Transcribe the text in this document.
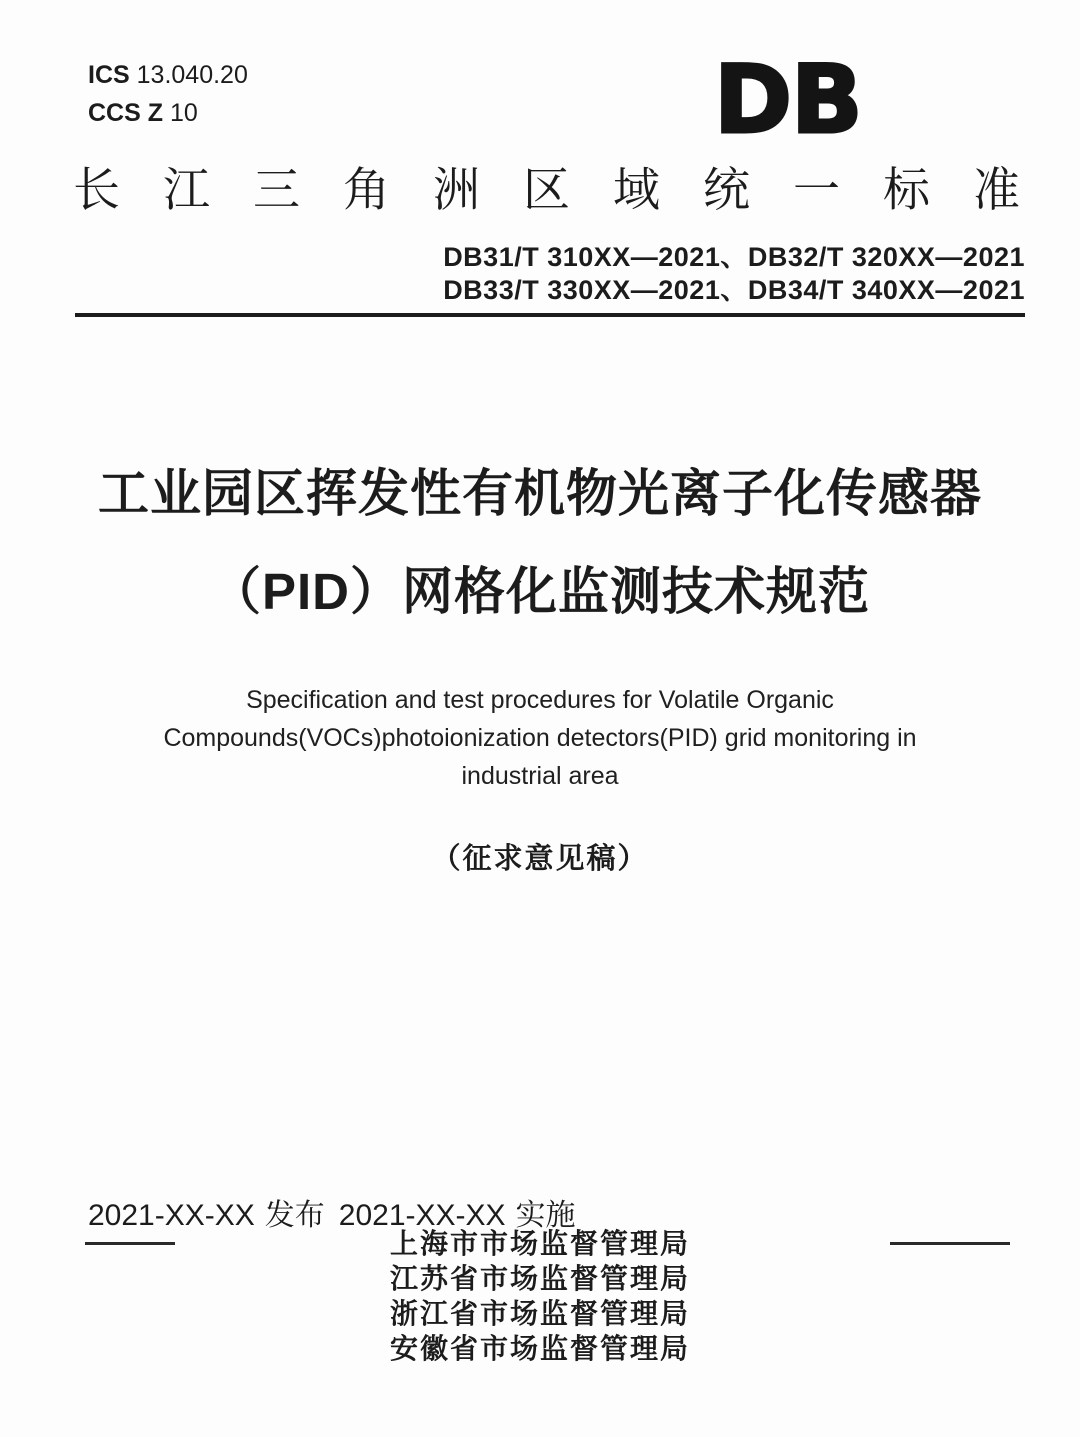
ICS 13.040.20
CCS Z 10	DB
长江三角洲区域统一标准
DB31/T 310XX—2021、DB32/T 320XX—2021
DB33/T 330XX—2021、DB34/T 340XX—2021
工业园区挥发性有机物光离子化传感器
（PID）网格化监测技术规范
Specification and test procedures for Volatile Organic
Compounds(VOCs)photoionization detectors(PID) grid monitoring in
industrial area
（征求意见稿）
2021-XX-XX 发布 2021-XX-XX 实施
上海市市场监督管理局
江苏省市场监督管理局
浙江省市场监督管理局
安徽省市场监督管理局
